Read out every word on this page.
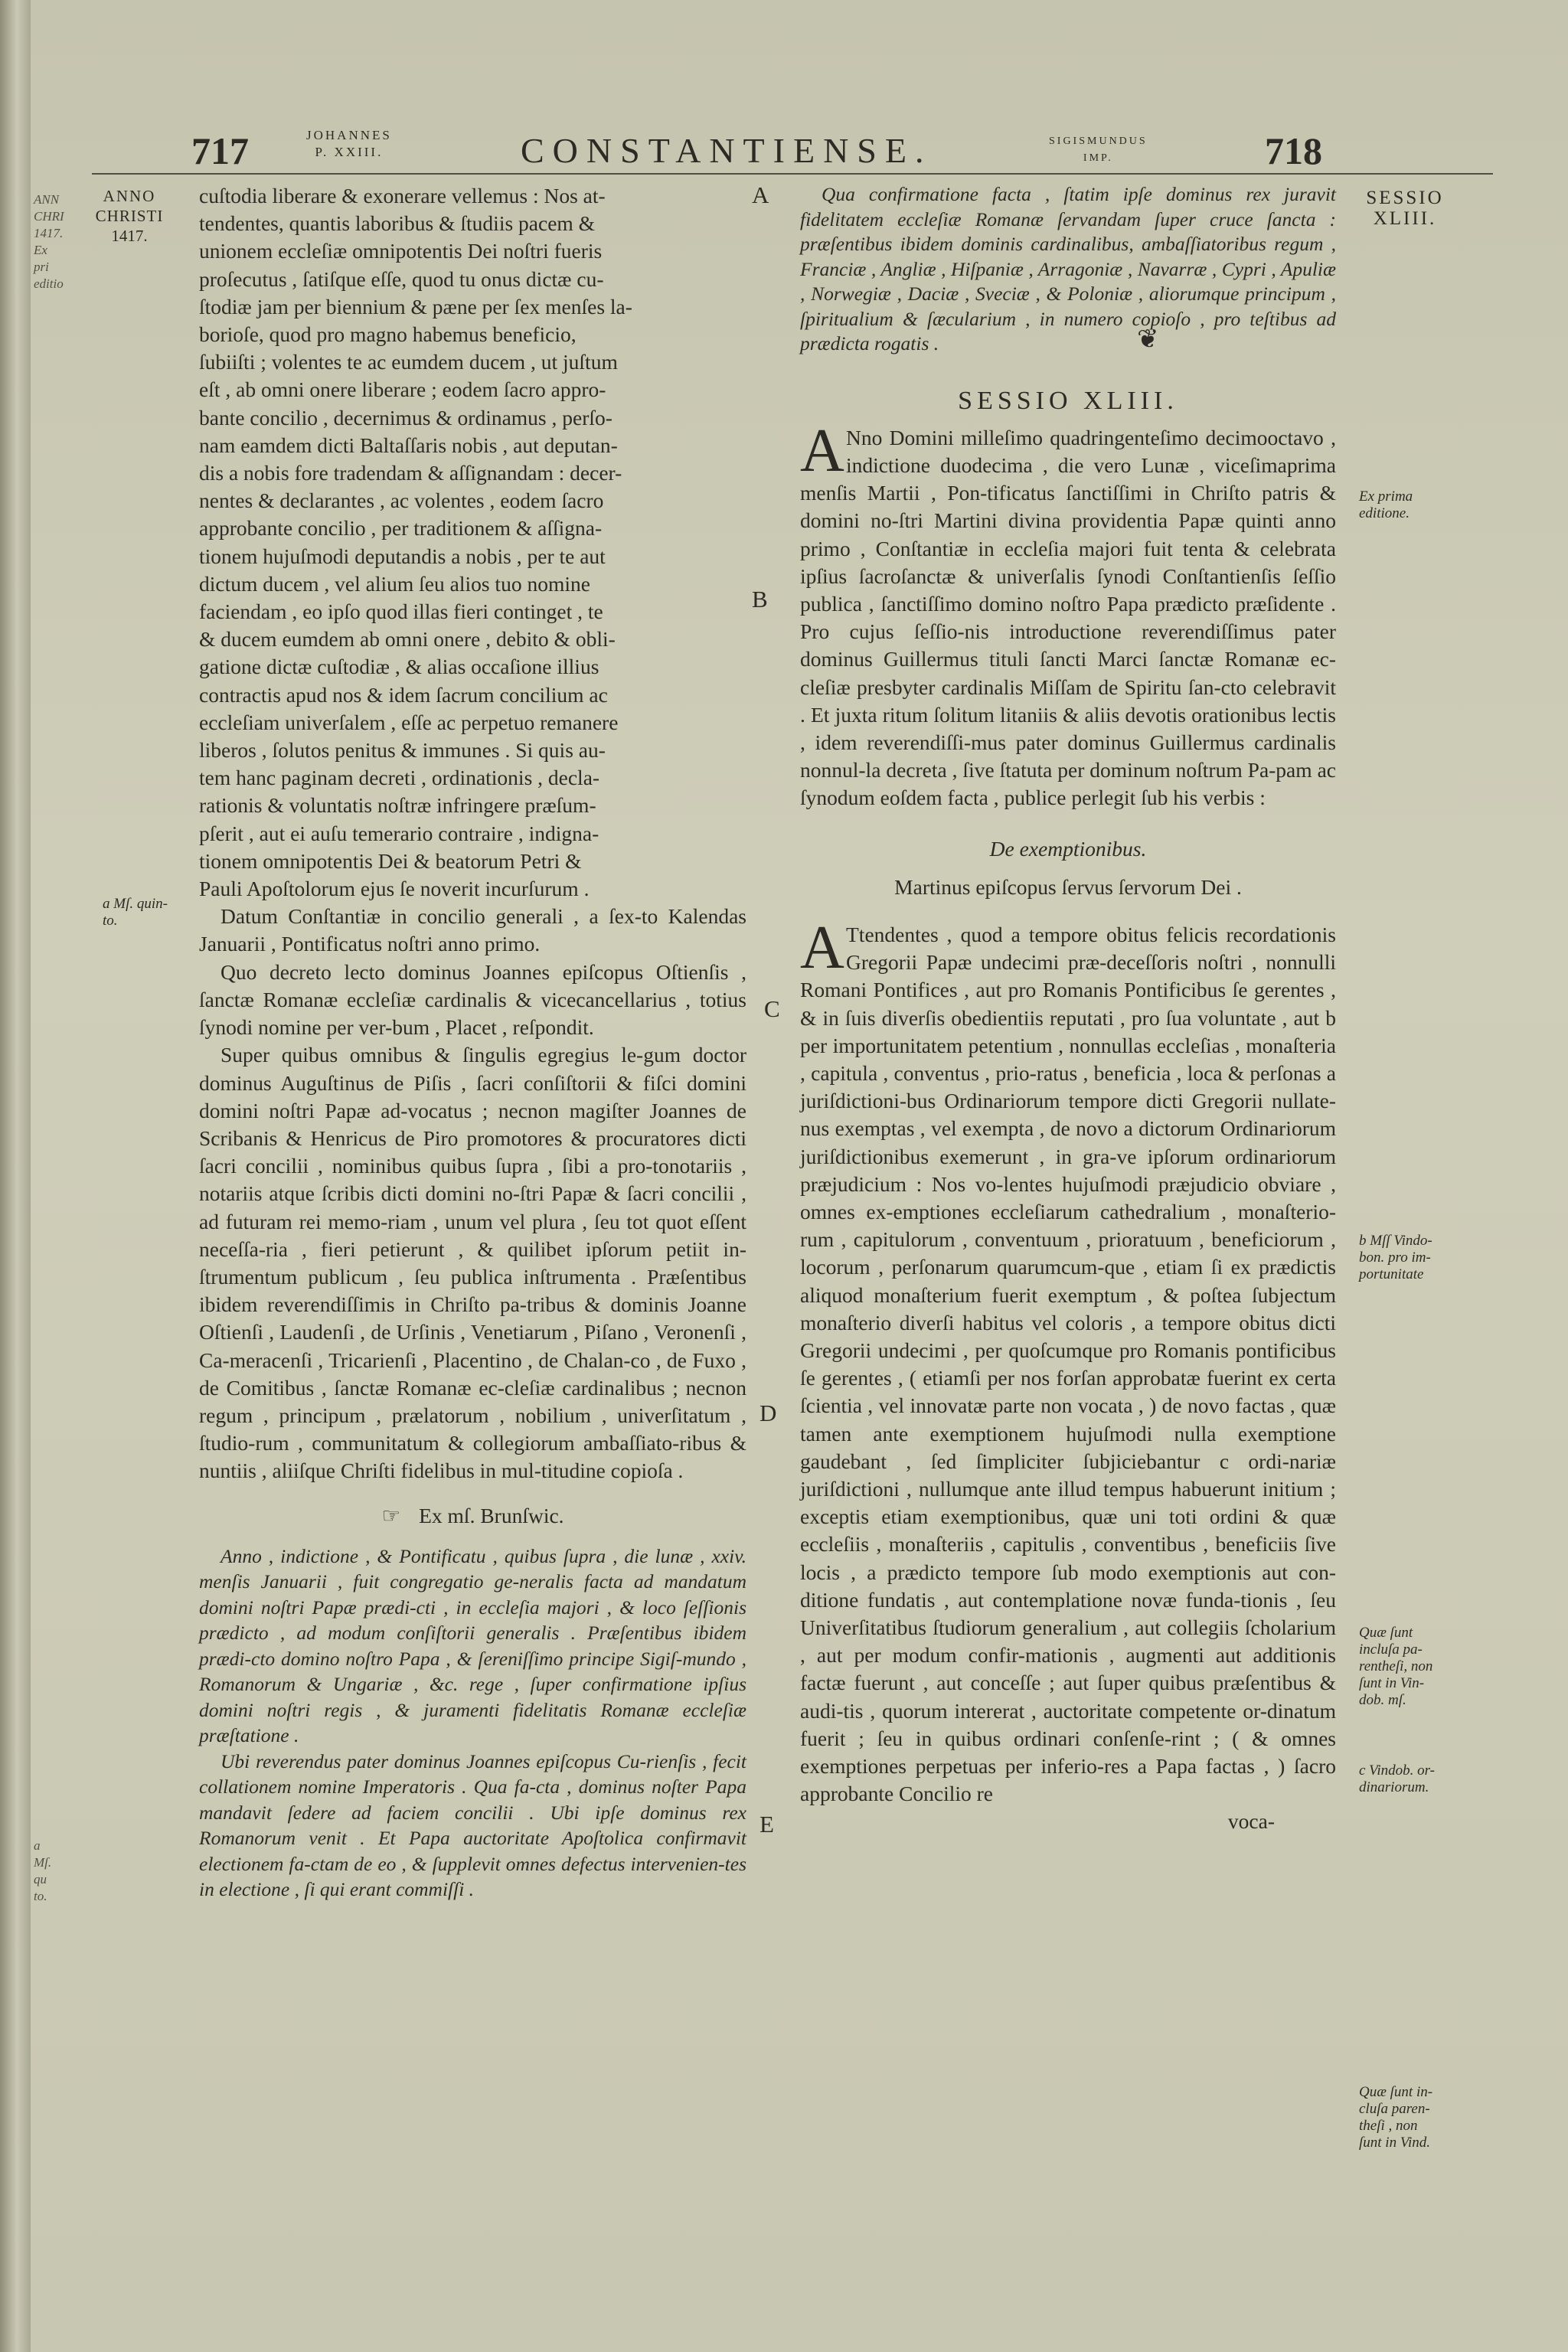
ANN
CHRI
1417.
Ex pri
editio
a Mſ. qu
to.
717	JOHANNES
P. XXIII.	CONSTANTIENSE.	SIGISMUNDUS
IMP.	718
ANNO
CHRISTI
1417.
a Mſ. quin-
to.
A
B
C
D
E
cuſtodia liberare & exonerare vellemus : Nos at-
tendentes, quantis laboribus & ſtudiis pacem &
unionem eccleſiæ omnipotentis Dei noſtri fueris
proſecutus , ſatiſque eſſe, quod tu onus dictæ cu-
ſtodiæ jam per biennium & pæne per ſex menſes la-
borioſe, quod pro magno habemus beneficio,
ſubiiſti ; volentes te ac eumdem ducem , ut juſtum
eſt , ab omni onere liberare ; eodem ſacro appro-
bante concilio , decernimus & ordinamus , perſo-
nam eamdem dicti Baltaſſaris nobis , aut deputan-
dis a nobis fore tradendam & aſſignandam : decer-
nentes & declarantes , ac volentes , eodem ſacro
approbante concilio , per traditionem & aſſigna-
tionem hujuſmodi deputandis a nobis , per te aut
dictum ducem , vel alium ſeu alios tuo nomine
faciendam , eo ipſo quod illas fieri continget , te
& ducem eumdem ab omni onere , debito & obli-
gatione dictæ cuſtodiæ , & alias occaſione illius
contractis apud nos & idem ſacrum concilium ac
eccleſiam univerſalem , eſſe ac perpetuo remanere
liberos , ſolutos penitus & immunes . Si quis au-
tem hanc paginam decreti , ordinationis , decla-
rationis & voluntatis noſtræ infringere præſum-
pſerit , aut ei auſu temerario contraire , indigna-
tionem omnipotentis Dei & beatorum Petri &
Pauli Apoſtolorum ejus ſe noverit incurſurum .

Datum Conſtantiæ in concilio generali , a ſex-to Kalendas Januarii , Pontificatus noſtri anno primo.

Quo decreto lecto dominus Joannes epiſcopus Oſtienſis , ſanctæ Romanæ eccleſiæ cardinalis & vicecancellarius , totius ſynodi nomine per ver-bum , Placet , reſpondit.

Super quibus omnibus & ſingulis egregius le-gum doctor dominus Auguſtinus de Piſis , ſacri conſiſtorii & fiſci domini domini noſtri Papæ ad-vocatus ; necnon magiſter Joannes de Scribanis & Henricus de Piro promotores & procuratores dicti ſacri concilii , nominibus quibus ſupra , ſibi a pro-tonotariis , notariis atque ſcribis dicti domini no-ſtri Papæ & ſacri concilii , ad futuram rei memo-riam , unum vel plura , ſeu tot quot eſſent neceſſa-ria , fieri petierunt , & quilibet ipſorum petiit in-ſtrumentum publicum , ſeu publica inſtrumenta . Præſentibus ibidem reverendiſſimis in Chriſto pa-tribus & dominis Joanne Oſtienſi , Laudenſi , de Urſinis , Venetiarum , Piſano , Veronenſi , Ca-meracenſi , Tricarienſi , Placentino , de Chalan-co , de Fuxo , de Comitibus , ſanctæ Romanæ ec-cleſiæ cardinalibus ; necnon regum , principum , prælatorum , nobilium , univerſitatum , ſtudio-rum , communitatum & collegiorum ambaſſiato-ribus & nuntiis , aliiſque Chriſti fidelibus in mul-titudine copioſa .

☞ Ex mſ. Brunſwic.

Anno , indictione , & Pontificatu , quibus ſupra , die lunæ , xxiv. menſis Januarii , fuit congregatio ge-neralis facta ad mandatum domini noſtri Papæ prædi-cti , in eccleſia majori , & loco ſeſſionis prædicto , ad modum conſiſtorii generalis . Præſentibus ibidem prædi-cto domino noſtro Papa , & ſereniſſimo principe Sigiſ-mundo , Romanorum & Ungariæ , &c. rege , ſuper confirmatione ipſius domini noſtri regis , & juramenti fidelitatis Romanæ eccleſiæ præſtatione .

Ubi reverendus pater dominus Joannes epiſcopus Cu-rienſis , fecit collationem nomine Imperatoris . Qua fa-cta , dominus noſter Papa mandavit ſedere ad faciem concilii . Ubi ipſe dominus rex Romanorum venit . Et Papa auctoritate Apoſtolica confirmavit electionem fa-ctam de eo , & ſupplevit omnes defectus intervenien-tes in electione , ſi qui erant commiſſi .

Qua confirmatione facta , ſtatim ipſe dominus rex juravit fidelitatem eccleſiæ Romanæ ſervandam ſuper cruce ſancta : præſentibus ibidem dominis cardinalibus, ambaſſiatoribus regum , Franciæ , Angliæ , Hiſpaniæ , Arragoniæ , Navarræ , Cypri , Apuliæ , Norwegiæ , Daciæ , Sveciæ , & Poloniæ , aliorumque principum , ſpiritualium & ſæcularium , in numero copioſo , pro teſtibus ad prædicta rogatis .	❦
SESSIO XLIII.

A Nno Domini milleſimo quadringenteſimo decimooctavo , indictione duodecima , die vero Lunæ , viceſimaprima menſis Martii , Pon-tificatus ſanctiſſimi in Chriſto patris & domini no-ſtri Martini divina providentia Papæ quinti anno primo , Conſtantiæ in eccleſia majori fuit tenta & celebrata ipſius ſacroſanctæ & univerſalis ſynodi Conſtantienſis ſeſſio publica , ſanctiſſimo domino noſtro Papa prædicto præſidente . Pro cujus ſeſſio-nis introductione reverendiſſimus pater dominus Guillermus tituli ſancti Marci ſanctæ Romanæ ec-cleſiæ presbyter cardinalis Miſſam de Spiritu ſan-cto celebravit . Et juxta ritum ſolitum litaniis & aliis devotis orationibus lectis , idem reverendiſſi-mus pater dominus Guillermus cardinalis nonnul-la decreta , ſive ſtatuta per dominum noſtrum Pa-pam ac ſynodum eoſdem facta , publice perlegit ſub his verbis :

De exemptionibus.
Martinus epiſcopus ſervus ſervorum Dei .

A Ttendentes , quod a tempore obitus felicis recordationis Gregorii Papæ undecimi præ-deceſſoris noſtri , nonnulli Romani Pontifices , aut pro Romanis Pontificibus ſe gerentes , & in ſuis diverſis obedientiis reputati , pro ſua voluntate , aut b per importunitatem petentium , nonnullas eccleſias , monaſteria , capitula , conventus , prio-ratus , beneficia , loca & perſonas a juriſdictioni-bus Ordinariorum tempore dicti Gregorii nullate-nus exemptas , vel exempta , de novo a dictorum Ordinariorum juriſdictionibus exemerunt , in gra-ve ipſorum ordinariorum præjudicium : Nos vo-lentes hujuſmodi præjudicio obviare , omnes ex-emptiones eccleſiarum cathedralium , monaſterio-rum , capitulorum , conventuum , prioratuum , beneficiorum , locorum , perſonarum quarumcum-que , etiam ſi ex prædictis aliquod monaſterium fuerit exemptum , & poſtea ſubjectum monaſterio diverſi habitus vel coloris , a tempore obitus dicti Gregorii undecimi , per quoſcumque pro Romanis pontificibus ſe gerentes , ( etiamſi per nos forſan approbatæ fuerint ex certa ſcientia , vel innovatæ parte non vocata , ) de novo factas , quæ tamen ante exemptionem hujuſmodi nulla exemptione gaudebant , ſed ſimpliciter ſubjiciebantur c ordi-nariæ juriſdictioni , nullumque ante illud tempus habuerunt initium ; exceptis etiam exemptionibus, quæ uni toti ordini & quæ eccleſiis , monaſteriis , capitulis , conventibus , beneficiis ſive locis , a prædicto tempore ſub modo exemptionis aut con-ditione fundatis , aut contemplatione novæ funda-tionis , ſeu Univerſitatibus ſtudiorum generalium , aut collegiis ſcholarium , aut per modum confir-mationis , augmenti aut additionis factæ fuerunt , aut conceſſe ; aut ſuper quibus præſentibus & audi-tis , quorum intererat , auctoritate competente or-dinatum fuerit ; ſeu in quibus ordinari conſenſe-rint ; ( & omnes exemptiones perpetuas per inferio-res a Papa factas , ) ſacro approbante Concilio re

voca-
SESSIO
XLIII.
Ex prima
editione.
b Mſſ Vindo-
bon. pro im-
portunitate
Quæ ſunt
incluſa pa-
rentheſi, non
ſunt in Vin-
dob. mſ.
c Vindob. or-
dinariorum.
Quæ ſunt in-
cluſa paren-
theſi , non
ſunt in Vind.
